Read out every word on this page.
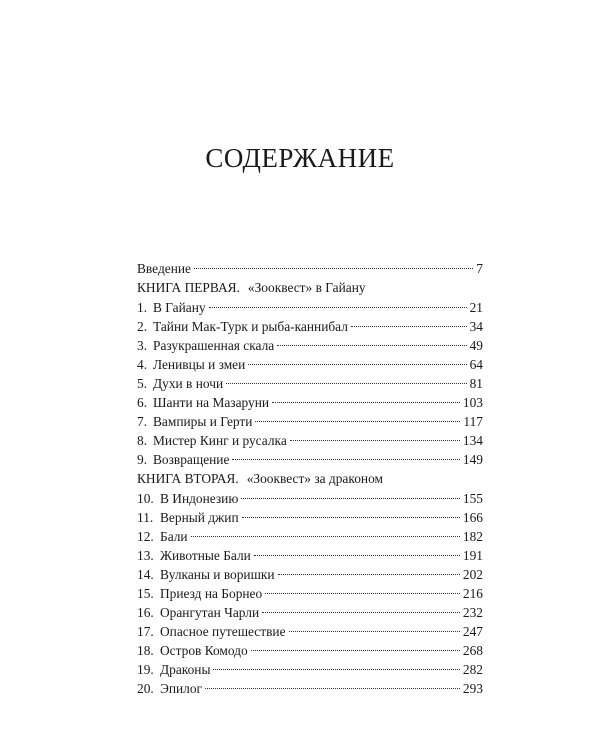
СОДЕРЖАНИЕ
Введение	7
КНИГА ПЕРВАЯ. «Зооквест» в Гайану
1. В Гайану	21
2. Тайни Мак-Турк и рыба-каннибал	34
3. Разукрашенная скала	49
4. Ленивцы и змеи	64
5. Духи в ночи	81
6. Шанти на Мазаруни	103
7. Вампиры и Герти	117
8. Мистер Кинг и русалка	134
9. Возвращение	149
КНИГА ВТОРАЯ. «Зооквест» за драконом
10. В Индонезию	155
11. Верный джип	166
12. Бали	182
13. Животные Бали	191
14. Вулканы и воришки	202
15. Приезд на Борнео	216
16. Орангутан Чарли	232
17. Опасное путешествие	247
18. Остров Комодо	268
19. Драконы	282
20. Эпилог	293
